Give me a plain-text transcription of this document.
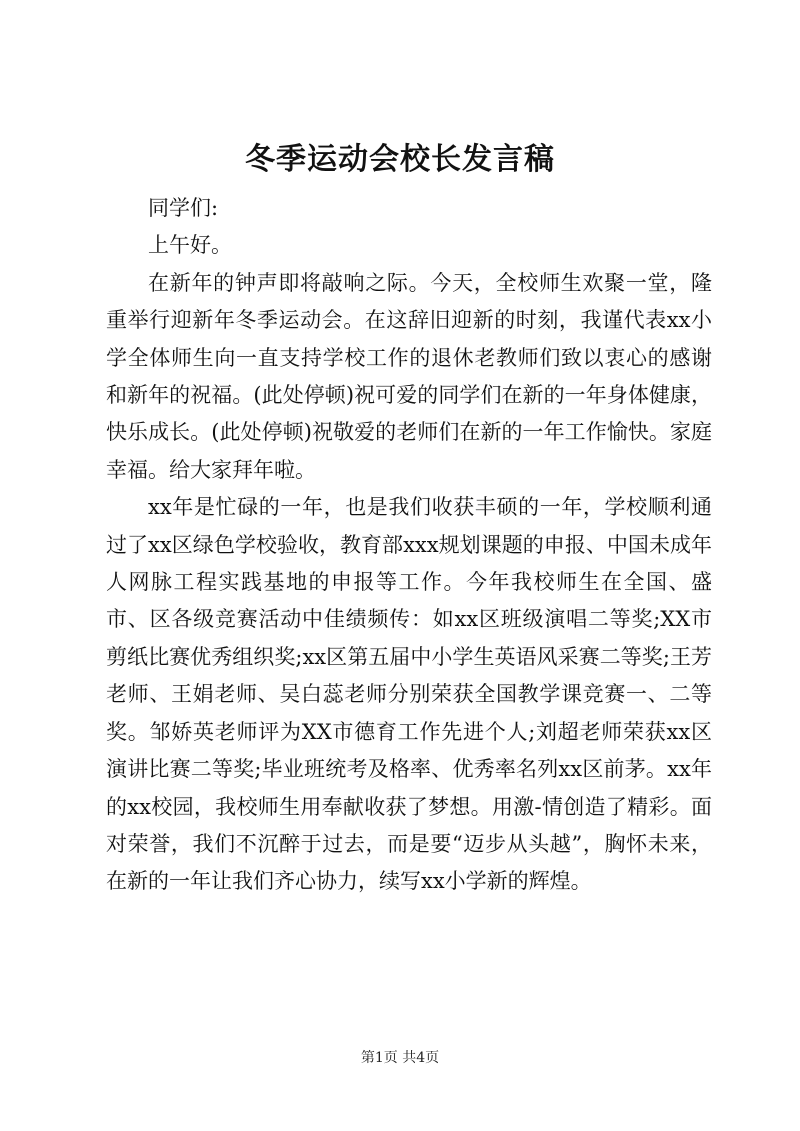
冬季运动会校长发言稿

同学们:

上午好。

在新年的钟声即将敲响之际。今天，全校师生欢聚一堂，隆重举行迎新年冬季运动会。在这辞旧迎新的时刻，我谨代表xx小学全体师生向一直支持学校工作的退休老教师们致以衷心的感谢和新年的祝福。(此处停顿)祝可爱的同学们在新的一年身体健康，快乐成长。(此处停顿)祝敬爱的老师们在新的一年工作愉快。家庭幸福。给大家拜年啦。

xx年是忙碌的一年，也是我们收获丰硕的一年，学校顺利通过了xx区绿色学校验收，教育部xxx规划课题的申报、中国未成年人网脉工程实践基地的申报等工作。今年我校师生在全国、盛市、区各级竞赛活动中佳绩频传：如xx区班级演唱二等奖;XX市剪纸比赛优秀组织奖;xx区第五届中小学生英语风采赛二等奖;王芳老师、王娟老师、吴白蕊老师分别荣获全国教学课竞赛一、二等奖。邹娇英老师评为XX市德育工作先进个人;刘超老师荣获xx区演讲比赛二等奖;毕业班统考及格率、优秀率名列xx区前茅。xx年的xx校园，我校师生用奉献收获了梦想。用激-情创造了精彩。面对荣誉，我们不沉醉于过去，而是要“迈步从头越”，胸怀未来，在新的一年让我们齐心协力，续写xx小学新的辉煌。

第1页 共4页
